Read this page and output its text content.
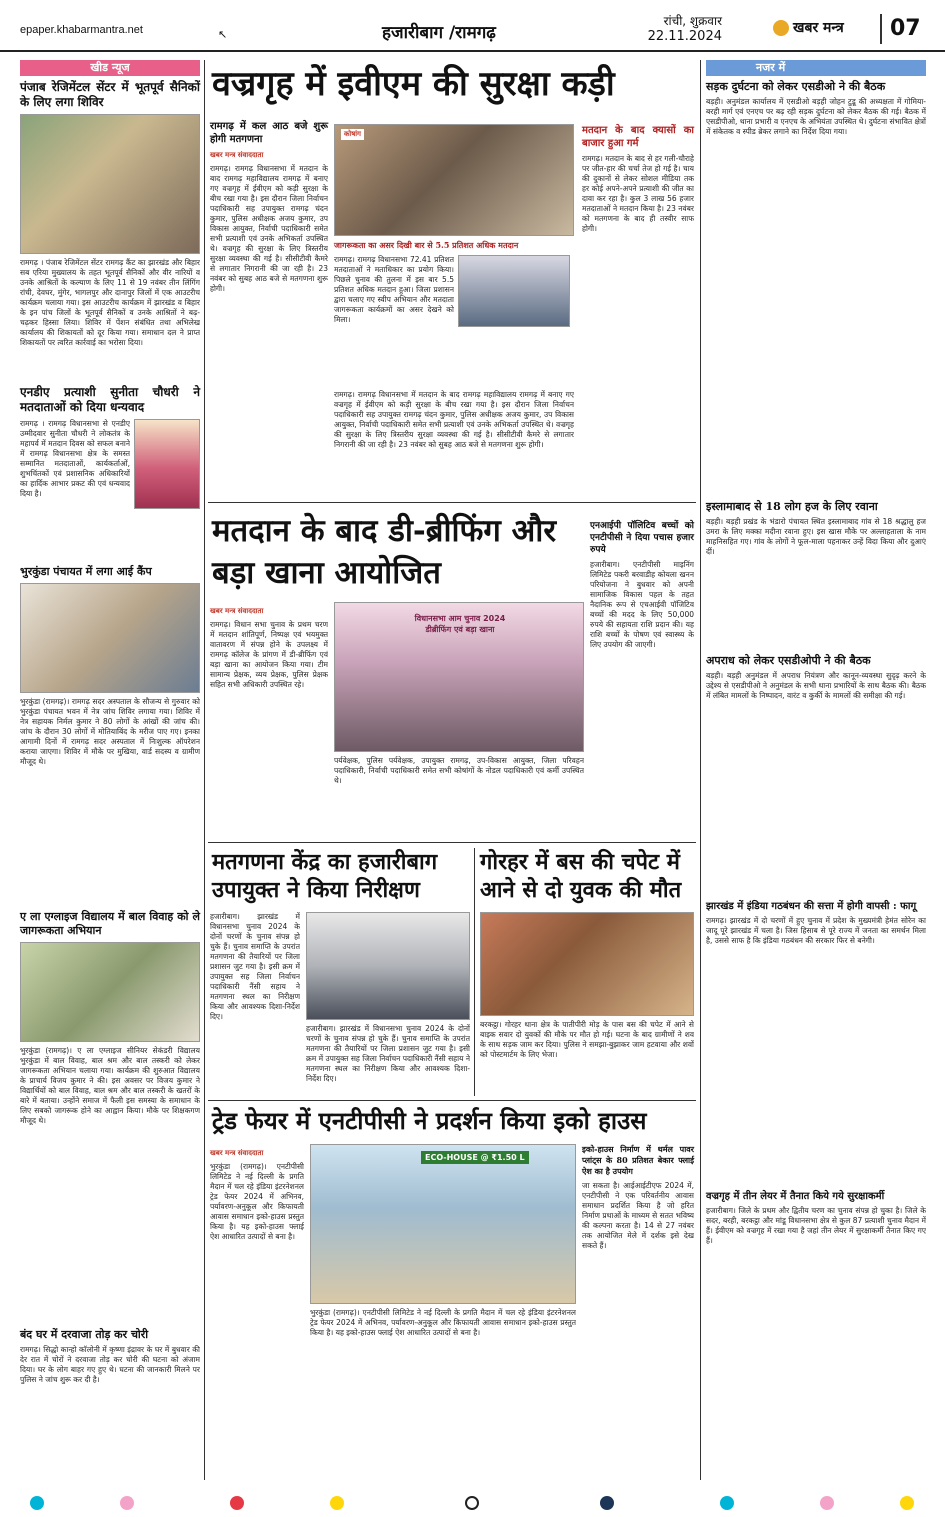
epaper.khabarmantra.net	↖	हजारीबाग /रामगढ़
रांची, शुक्रवार
22.11.2024
खबर मन्त्र 07
खीड न्यूज
पंजाब रेजिमेंटल सेंटर में भूतपूर्व सैनिकों के लिए लगा शिविर
रामगढ़ । पंजाब रेजिमेंटल सेंटर रामगढ़ कैंट का झारखंड और बिहार सब एरिया मुख्यालय के तहत भूतपूर्व सैनिकों और वीर नारियों व उनके आश्रितों के कल्याण के लिए 11 से 19 नवंबर तीन लिंगिंग रांची, देवघर, मुंगेर, भागलपुर और दानापुर जिलों में एक आउटरीच कार्यक्रम चलाया गया। इस आउटरीच कार्यक्रम में झारखंड व बिहार के इन पांच जिलों के भूतपूर्व सैनिकों व उनके आश्रितों ने बढ़-चढ़कर हिस्सा लिया। शिविर में पेंशन संबंधित तथा अभिलेख कार्यालय की शिकायतों को दूर किया गया। समाधान दल ने प्राप्त शिकायतों पर त्वरित कार्रवाई का भरोसा दिया।
एनडीए प्रत्याशी सुनीता चौधरी ने मतदाताओं को दिया धन्यवाद
रामगढ़ । रामगढ़ विधानसभा से एनडीए उम्मीदवार सुनीता चौधरी ने लोकतंत्र के महापर्व में मतदान दिवस को सफल बनाने में रामगढ़ विधानसभा क्षेत्र के समस्त सम्मानित मतदाताओं, कार्यकर्ताओं, शुभचिंतकों एवं प्रशासनिक अधिकारियों का हार्दिक आभार प्रकट की एवं धन्यवाद दिया है।
भुरकुंडा पंचायत में लगा आई कैंप
भुरकुंडा (रामगढ़)। रामगढ़ सदर अस्पताल के सौजन्य से गुरुवार को भुरकुंडा पंचायत भवन में नेत्र जांच शिविर लगाया गया। शिविर में नेत्र सहायक निर्मल कुमार ने 80 लोगों के आंखों की जांच की। जांच के दौरान 30 लोगों में मोतियाबिंद के मरीज पाए गए। इनका आगामी दिनों में रामगढ़ सदर अस्पताल में निःशुल्क ऑपरेशन कराया जाएगा। शिविर में मौके पर मुखिया, वार्ड सदस्य व ग्रामीण मौजूद थे।
ए ला एग्लाइज विद्यालय में बाल विवाह को ले जागरूकता अभियान
भुरकुंडा (रामगढ़)। ए ला एग्लाइज सीनियर सेकंडरी विद्यालय भुरकुंडा में बाल विवाह, बाल श्रम और बाल तस्करी को लेकर जागरूकता अभियान चलाया गया। कार्यक्रम की शुरुआत विद्यालय के प्राचार्य विजय कुमार ने की। इस अवसर पर विजय कुमार ने विद्यार्थियों को बाल विवाह, बाल श्रम और बाल तस्करी के खतरों के बारे में बताया। उन्होंने समाज में फैली इस समस्या के समाधान के लिए सबको जागरूक होने का आह्वान किया। मौके पर शिक्षकगण मौजूद थे।
बंद घर में दरवाजा तोड़ कर चोरी
रामगढ़। सिद्धो कान्हो कॉलोनी में कृष्णा इंद्रावर के घर में बुधवार की देर रात में चोरों ने दरवाजा तोड़ कर चोरी की घटना को अंजाम दिया। घर के लोग बाहर गए हुए थे। घटना की जानकारी मिलने पर पुलिस ने जांच शुरू कर दी है।
वज्रगृह में इवीएम की सुरक्षा कड़ी
रामगढ़ में कल आठ बजे शुरू होगी मतगणना
खबर मन्त्र संवाददाता
रामगढ़। रामगढ़ विधानसभा में मतदान के बाद रामगढ़ महाविद्यालय रामगढ़ में बनाए गए वज्रगृह में ईवीएम को कड़ी सुरक्षा के बीच रखा गया है। इस दौरान जिला निर्वाचन पदाधिकारी सह उपायुक्त रामगढ़ चंदन कुमार, पुलिस अधीक्षक अजय कुमार, उप विकास आयुक्त, निर्वाची पदाधिकारी समेत सभी प्रत्याशी एवं उनके अभिकर्ता उपस्थित थे। वज्रगृह की सुरक्षा के लिए त्रिस्तरीय सुरक्षा व्यवस्था की गई है। सीसीटीवी कैमरे से लगातार निगरानी की जा रही है। 23 नवंबर को सुबह आठ बजे से मतगणना शुरू होगी।
कोषांग
जागरूकता का असर दिखी बार से 5.5 प्रतिशत अधिक मतदान
रामगढ़। रामगढ़ विधानसभा 72.41 प्रतिशत मतदाताओं ने मताधिकार का प्रयोग किया। पिछले चुनाव की तुलना में इस बार 5.5 प्रतिशत अधिक मतदान हुआ। जिला प्रशासन द्वारा चलाए गए स्वीप अभियान और मतदाता जागरूकता कार्यक्रमों का असर देखने को मिला।
रामगढ़। रामगढ़ विधानसभा में मतदान के बाद रामगढ़ महाविद्यालय रामगढ़ में बनाए गए वज्रगृह में ईवीएम को कड़ी सुरक्षा के बीच रखा गया है। इस दौरान जिला निर्वाचन पदाधिकारी सह उपायुक्त रामगढ़ चंदन कुमार, पुलिस अधीक्षक अजय कुमार, उप विकास आयुक्त, निर्वाची पदाधिकारी समेत सभी प्रत्याशी एवं उनके अभिकर्ता उपस्थित थे। वज्रगृह की सुरक्षा के लिए त्रिस्तरीय सुरक्षा व्यवस्था की गई है। सीसीटीवी कैमरे से लगातार निगरानी की जा रही है। 23 नवंबर को सुबह आठ बजे से मतगणना शुरू होगी।
मतदान के बाद क्यासों का बाजार हुआ गर्म
रामगढ़। मतदान के बाद से हर गली-चौराहे पर जीत-हार की चर्चा तेज हो गई है। चाय की दुकानों से लेकर सोशल मीडिया तक हर कोई अपने-अपने प्रत्याशी की जीत का दावा कर रहा है। कुल 3 लाख 56 हजार मतदाताओं ने मतदान किया है। 23 नवंबर को मतगणना के बाद ही तस्वीर साफ होगी।
मतदान के बाद डी-ब्रीफिंग और बड़ा खाना आयोजित
खबर मन्त्र संवाददाता
रामगढ़। विधान सभा चुनाव के प्रथम चरण में मतदान शांतिपूर्ण, निष्पक्ष एवं भयमुक्त वातावरण में संपन्न होने के उपलक्ष्य में रामगढ़ कॉलेज के प्रांगण में डी-ब्रीफिंग एवं बड़ा खाना का आयोजन किया गया। टीम सामान्य प्रेक्षक, व्यय प्रेक्षक, पुलिस प्रेक्षक सहित सभी अधिकारी उपस्थित रहे।
विधानसभा आम चुनाव 2024 डीब्रीफिंग एवं बड़ा खाना
पर्यवेक्षक, पुलिस पर्यवेक्षक, उपायुक्त रामगढ़, उप-विकास आयुक्त, जिला परिवहन पदाधिकारी, निर्वाची पदाधिकारी समेत सभी कोषांगों के नोडल पदाधिकारी एवं कर्मी उपस्थित थे।
एनआईपी पॉलिटिव बच्चों को एनटीपीसी ने दिया पचास हजार रुपये
हजारीबाग। एनटीपीसी माइनिंग लिमिटेड पकरी बरवाडीह कोयला खनन परियोजना ने बुधवार को अपनी सामाजिक विकास पहल के तहत नैदानिक रूप से एचआईवी पॉजिटिव बच्चों की मदद के लिए 50,000 रुपये की सहायता राशि प्रदान की। यह राशि बच्चों के पोषण एवं स्वास्थ्य के लिए उपयोग की जाएगी।
मतगणना केंद्र का हजारीबाग उपायुक्त ने किया निरीक्षण
हजारीबाग। झारखंड में विधानसभा चुनाव 2024 के दोनों चरणों के चुनाव संपन्न हो चुके हैं। चुनाव समाप्ति के उपरांत मतगणना की तैयारियों पर जिला प्रशासन जुट गया है। इसी क्रम में उपायुक्त सह जिला निर्वाचन पदाधिकारी नैंसी सहाय ने मतगणना स्थल का निरीक्षण किया और आवश्यक दिशा-निर्देश दिए।
हजारीबाग। झारखंड में विधानसभा चुनाव 2024 के दोनों चरणों के चुनाव संपन्न हो चुके हैं। चुनाव समाप्ति के उपरांत मतगणना की तैयारियों पर जिला प्रशासन जुट गया है। इसी क्रम में उपायुक्त सह जिला निर्वाचन पदाधिकारी नैंसी सहाय ने मतगणना स्थल का निरीक्षण किया और आवश्यक दिशा-निर्देश दिए।
गोरहर में बस की चपेट में आने से दो युवक की मौत
बरकट्ठा। गोरहर थाना क्षेत्र के पातीपीरी मोड़ के पास बस की चपेट में आने से बाइक सवार दो युवकों की मौके पर मौत हो गई। घटना के बाद ग्रामीणों ने शव के साथ सड़क जाम कर दिया। पुलिस ने समझा-बुझाकर जाम हटवाया और शवों को पोस्टमार्टम के लिए भेजा।
ट्रेड फेयर में एनटीपीसी ने प्रदर्शन किया इको हाउस
खबर मन्त्र संवाददाता
भुरकुंडा (रामगढ़)। एनटीपीसी लिमिटेड ने नई दिल्ली के प्रगति मैदान में चल रहे इंडिया इंटरनेशनल ट्रेड फेयर 2024 में अभिनव, पर्यावरण-अनुकूल और किफायती आवास समाधान इको-हाउस प्रस्तुत किया है। यह इको-हाउस फ्लाई ऐश आधारित उत्पादों से बना है।
ECO-HOUSE @ ₹1.50 L
भुरकुंडा (रामगढ़)। एनटीपीसी लिमिटेड ने नई दिल्ली के प्रगति मैदान में चल रहे इंडिया इंटरनेशनल ट्रेड फेयर 2024 में अभिनव, पर्यावरण-अनुकूल और किफायती आवास समाधान इको-हाउस प्रस्तुत किया है। यह इको-हाउस फ्लाई ऐश आधारित उत्पादों से बना है।
इको-हाउस निर्माण में थर्मल पावर प्लांट्स के 80 प्रतिशत बेकार फ्लाई ऐश का है उपयोग
जा सकता है। आईआईटीएफ 2024 में, एनटीपीसी ने एक परिवर्तनीय आवास समाधान प्रदर्शित किया है जो हरित निर्माण प्रथाओं के माध्यम से सतत भविष्य की कल्पना करता है। 14 से 27 नवंबर तक आयोजित मेले में दर्शक इसे देख सकते हैं।
नजर में
सड़क दुर्घटना को लेकर एसडीओ ने की बैठक
बड़ही। अनुमंडल कार्यालय में एसडीओ बड़ही जोहन टुडू की अध्यक्षता में गोमिया-बरही मार्ग एवं एनएच पर बढ़ रही सड़क दुर्घटना को लेकर बैठक की गई। बैठक में एसडीपीओ, थाना प्रभारी व एनएच के अभियंता उपस्थित थे। दुर्घटना संभावित क्षेत्रों में संकेतक व स्पीड ब्रेकर लगाने का निर्देश दिया गया।
इस्लामाबाद से 18 लोग हज के लिए रवाना
बड़ही। बड़ही प्रखंड के भंडारो पंचायत स्थित इस्लामाबाद गांव से 18 श्रद्धालु हज उमरा के लिए मक्का मदीना रवाना हुए। इस खास मौके पर अल्लाहताला के नाम माहनिसहित गए। गांव के लोगों ने फूल-माला पहनाकर उन्हें विदा किया और दुआएं दीं।
अपराध को लेकर एसडीओपी ने की बैठक
बड़ही। बड़ही अनुमंडल में अपराध नियंत्रण और कानून-व्यवस्था सुदृढ़ करने के उद्देश्य से एसडीपीओ ने अनुमंडल के सभी थाना प्रभारियों के साथ बैठक की। बैठक में लंबित मामलों के निष्पादन, वारंट व कुर्की के मामलों की समीक्षा की गई।
झारखंड में इंडिया गठबंधन की सत्ता में होगी वापसी : फागू
रामगढ़। झारखंड में दो चरणों में हुए चुनाव में प्रदेश के मुख्यमंत्री हेमंत सोरेन का जादू पूरे झारखंड में चला है। जिस हिसाब से पूरे राज्य में जनता का समर्थन मिला है, उससे साफ है कि इंडिया गठबंधन की सरकार फिर से बनेगी।
वज्रगृह में तीन लेयर में तैनात किये गये सुरक्षाकर्मी
हजारीबाग। जिले के प्रथम और द्वितीय चरण का चुनाव संपन्न हो चुका है। जिले के सदर, बरही, बरकट्ठा और मांडू विधानसभा क्षेत्र से कुल 87 प्रत्याशी चुनाव मैदान में हैं। ईवीएम को वज्रगृह में रखा गया है जहां तीन लेयर में सुरक्षाकर्मी तैनात किए गए हैं।
